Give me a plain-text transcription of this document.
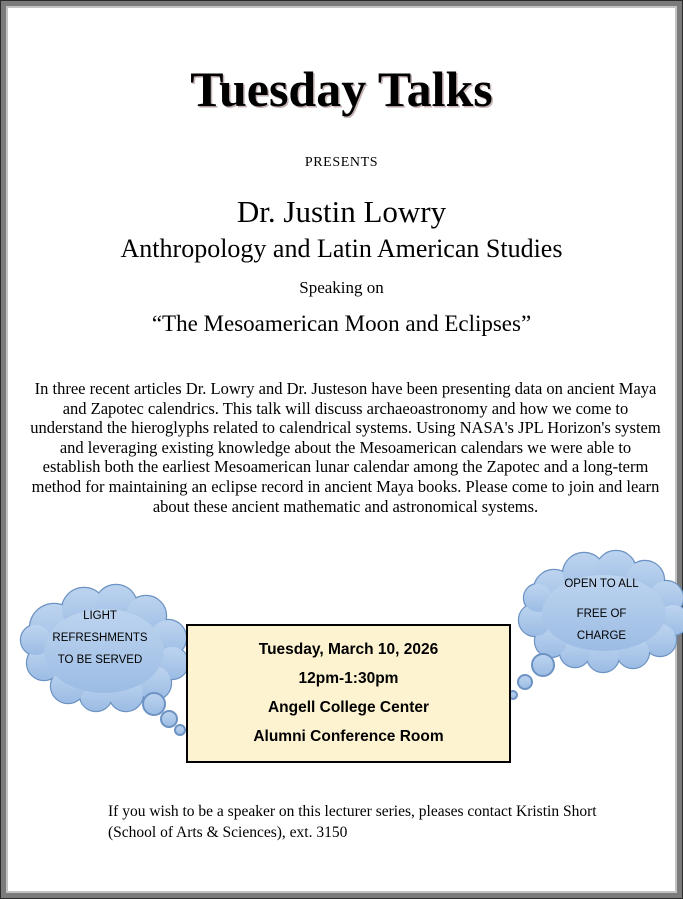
Tuesday Talks
PRESENTS
Dr. Justin Lowry
Anthropology and Latin American Studies
Speaking on
“The Mesoamerican Moon and Eclipses”
In three recent articles Dr. Lowry and Dr. Justeson have been presenting data on ancient Maya and Zapotec calendrics. This talk will discuss archaeoastronomy and how we come to understand the hieroglyphs related to calendrical systems. Using NASA's JPL Horizon's system and leveraging existing knowledge about the Mesoamerican calendars we were able to establish both the earliest Mesoamerican lunar calendar among the Zapotec and a long-term method for maintaining an eclipse record in ancient Maya books. Please come to join and learn about these ancient mathematic and astronomical systems.
LIGHT
REFRESHMENTS
TO BE SERVED
OPEN TO ALL
FREE OF
CHARGE
Tuesday, March 10, 2026
12pm-1:30pm
Angell College Center
Alumni Conference Room
If you wish to be a speaker on this lecturer series, pleases contact Kristin Short
(School of Arts & Sciences), ext. 3150
